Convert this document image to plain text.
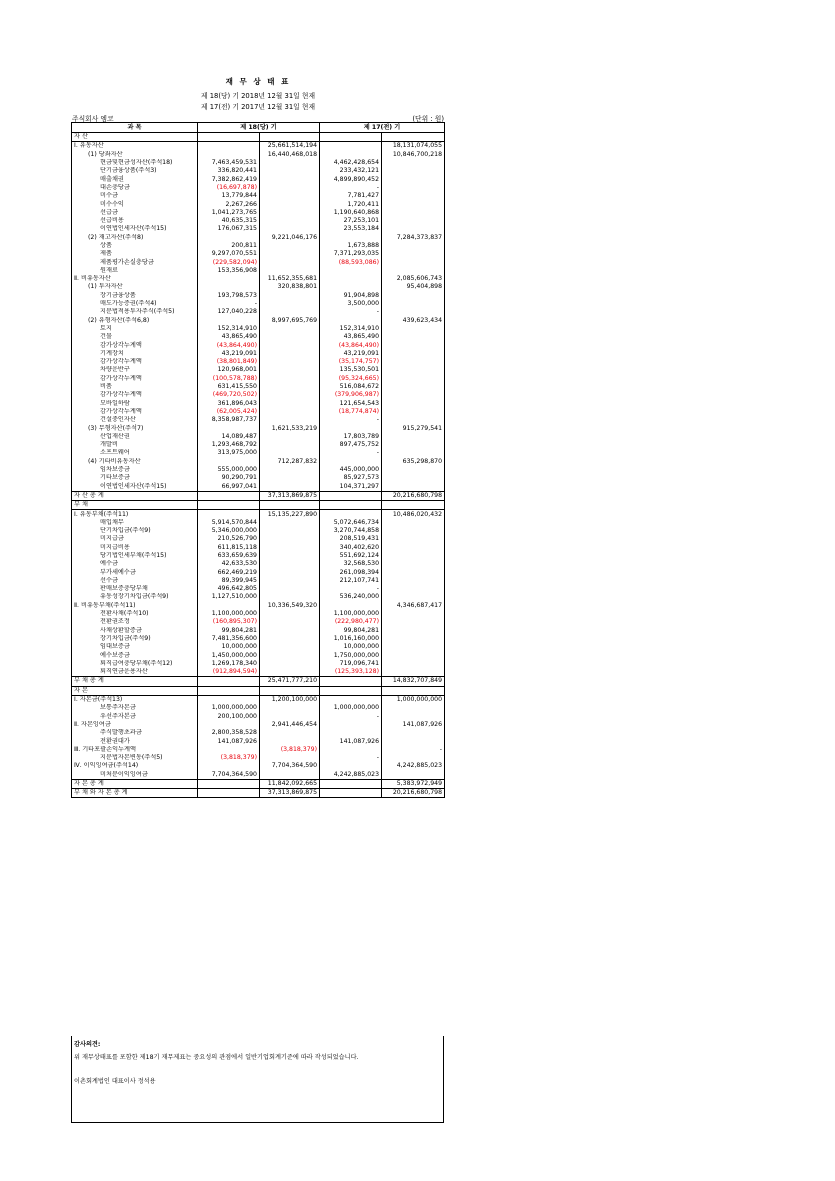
재 무 상 태 표
제 18(당) 기 2018년 12월 31일 현재
제 17(전) 기 2017년 12월 31일 현재
주식회사 엠코	(단위 : 원)
과 목	제 18(당) 기		제 17(전) 기	
자 산				
Ⅰ. 유동자산		25,661,514,194		18,131,074,055
(1) 당좌자산		16,440,468,018		10,846,700,218
현금및현금성자산(주석18)	7,463,459,531		4,462,428,654	
단기금융상품(주석3)	336,820,441		233,432,121	
매출채권	7,382,862,419		4,899,890,452	
대손충당금	(16,697,878)		-	
미수금	13,779,844		7,781,427	
미수수익	2,267,266		1,720,411	
선급금	1,041,273,765		1,190,640,868	
선급비용	40,635,315		27,253,101	
이연법인세자산(주석15)	176,067,315		23,553,184	
(2) 재고자산(주석8)		9,221,046,176		7,284,373,837
상품	200,811		1,673,888	
제품	9,297,070,551		7,371,293,035	
제품평가손실충당금	(229,582,094)		(88,593,086)	
원재료	153,356,908			
Ⅱ. 비유동자산		11,652,355,681		2,085,606,743
(1) 투자자산		320,838,801		95,404,898
장기금융상품	193,798,573		91,904,898	
매도가능증권(주석4)	-		3,500,000	
지분법적용투자주식(주석5)	127,040,228		-	
(2) 유형자산(주석6,8)		8,997,695,769		439,623,434
토지	152,314,910		152,314,910	
건물	43,865,490		43,865,490	
감가상각누계액	(43,864,490)		(43,864,490)	
기계장치	43,219,091		43,219,091	
감가상각누계액	(38,801,849)		(35,174,757)	
차량운반구	120,968,001		135,530,501	
감가상각누계액	(100,578,788)		(95,324,665)	
비품	631,415,550		516,084,672	
감가상각누계액	(469,720,502)		(379,906,987)	
모바일하람	361,896,043		121,654,543	
감가상각누계액	(62,005,424)		(18,774,874)	
건설중인자산	8,358,987,737		-	
(3) 무형자산(주석7)		1,621,533,219		915,279,541
산업재산권	14,089,487		17,803,789	
개발비	1,293,468,792		897,475,752	
소프트웨어	313,975,000		-	
(4) 기타비유동자산		712,287,832		635,298,870
임차보증금	555,000,000		445,000,000	
기타보증금	90,290,791		85,927,573	
이연법인세자산(주석15)	66,997,041		104,371,297	
자 산 총 계		37,313,869,875		20,216,680,798
부 채				
Ⅰ. 유동부채(주석11)		15,135,227,890		10,486,020,432
매입채무	5,914,570,844		5,072,646,734	
단기차입금(주석9)	5,346,000,000		3,270,744,858	
미지급금	210,526,790		208,519,431	
미지급비용	611,815,118		340,402,620	
당기법인세부채(주석15)	633,659,639		551,692,124	
예수금	42,633,530		32,568,530	
부가세예수금	662,469,219		261,098,394	
선수금	89,399,945		212,107,741	
판매보증충당부채	496,642,805		-	
유동성장기차입금(주석9)	1,127,510,000		536,240,000	
Ⅱ. 비유동부채(주석11)		10,336,549,320		4,346,687,417
전환사채(주석10)	1,100,000,000		1,100,000,000	
전환권조정	(160,895,307)		(222,980,477)	
사채상환할증금	99,804,281		99,804,281	
장기차입금(주석9)	7,481,356,600		1,016,160,000	
임대보증금	10,000,000		10,000,000	
예수보증금	1,450,000,000		1,750,000,000	
퇴직급여충당부채(주석12)	1,269,178,340		719,096,741	
퇴직연금운용자산	(912,894,594)		(125,393,128)	
부 채 총 계		25,471,777,210		14,832,707,849
자 본				
Ⅰ. 자본금(주석13)		1,200,100,000		1,000,000,000
보통주자본금	1,000,000,000		1,000,000,000	
우선주자본금	200,100,000		-	
Ⅱ. 자본잉여금		2,941,446,454		141,087,926
주식발행초과금	2,800,358,528			
전환권대가	141,087,926		141,087,926	
Ⅲ. 기타포괄손익누계액		(3,818,379)		-
지분법자본변동(주석5)	(3,818,379)		-	
Ⅳ. 이익잉여금(주석14)		7,704,364,590		4,242,885,023
미처분이익잉여금	7,704,364,590		4,242,885,023	
자 본 총 계		11,842,092,665		5,383,972,949
부 채 와 자 본 총 계		37,313,869,875		20,216,680,798
감사의견:
위 재무상태표를 포함한 제18기 재무제표는 중요성의 관점에서 일반기업회계기준에 따라 작성되었습니다.
이촌회계법인 대표이사 정석용
